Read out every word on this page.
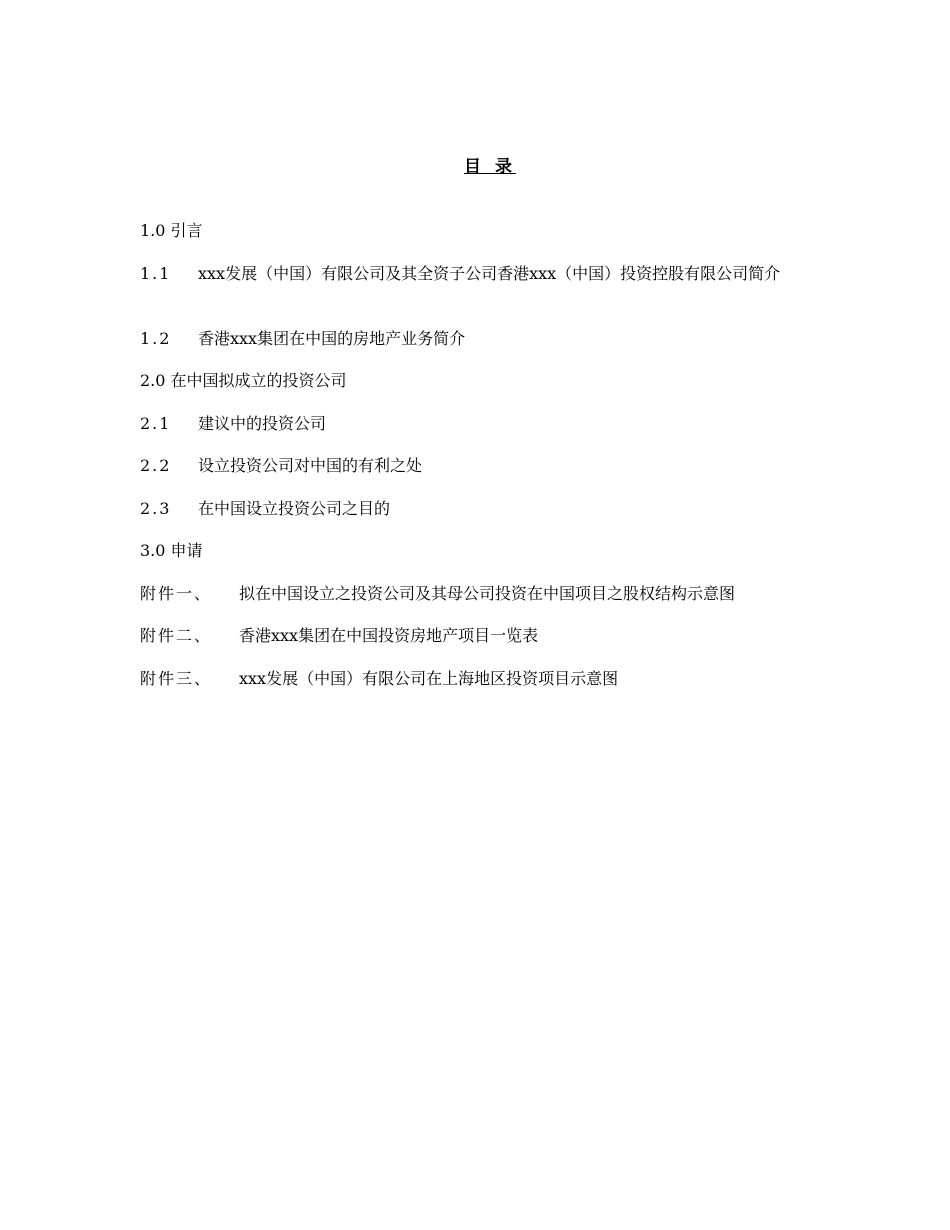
目 录
1.0 引言
1.1 xxx发展（中国）有限公司及其全资子公司香港xxx（中国）投资控股有限公司简介
1.2 香港xxx集团在中国的房地产业务简介
2.0 在中国拟成立的投资公司
2.1 建议中的投资公司
2.2 设立投资公司对中国的有利之处
2.3 在中国设立投资公司之目的
3.0 申请
附件一、 拟在中国设立之投资公司及其母公司投资在中国项目之股权结构示意图
附件二、 香港xxx集团在中国投资房地产项目一览表
附件三、 xxx发展（中国）有限公司在上海地区投资项目示意图
